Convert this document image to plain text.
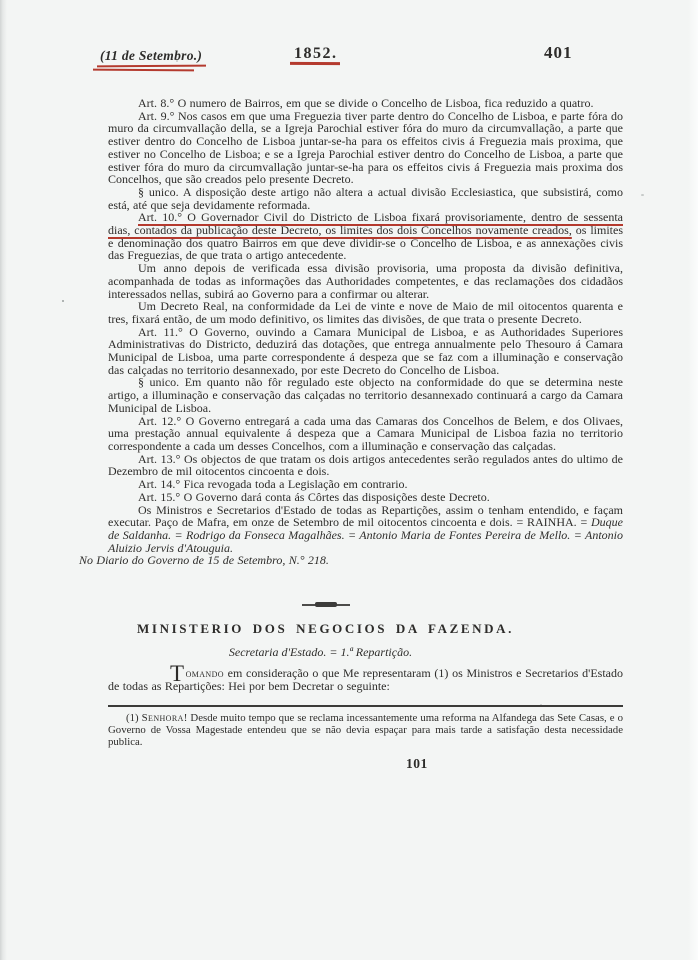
(11 de Setembro.)	1852.	401

Art. 8.° O numero de Bairros, em que se divide o Concelho de Lisboa, fica reduzido a quatro.

Art. 9.° Nos casos em que uma Freguezia tiver parte dentro do Concelho de Lisboa, e parte fóra do muro da circumvallação della, se a Igreja Parochial estiver fóra do muro da circumvallação, a parte que estiver dentro do Concelho de Lisboa juntar-se-ha para os effeitos civis á Freguezia mais proxima, que estiver no Concelho de Lisboa; e se a Igreja Parochial estiver dentro do Concelho de Lisboa, a parte que estiver fóra do muro da circumvallação juntar-se-ha para os effeitos civis á Freguezia mais proxima dos Concelhos, que são creados pelo presente Decreto.

§ unico. A disposição deste artigo não altera a actual divisão Ecclesiastica, que subsistirá, como está, até que seja devidamente reformada.

Art. 10.° O Governador Civil do Districto de Lisboa fixará provisoriamente, dentro de sessenta dias, contados da publicação deste Decreto, os limites dos dois Concelhos novamente creados, os limites e denominação dos quatro Bairros em que deve dividir-se o Concelho de Lisboa, e as annexações civis das Freguezias, de que trata o artigo antecedente.

Um anno depois de verificada essa divisão provisoria, uma proposta da divisão definitiva, acompanhada de todas as informações das Authoridades competentes, e das reclamações dos cidadãos interessados nellas, subirá ao Governo para a confirmar ou alterar.

Um Decreto Real, na conformidade da Lei de vinte e nove de Maio de mil oitocentos quarenta e tres, fixará então, de um modo definitivo, os limites das divisões, de que trata o presente Decreto.

Art. 11.° O Governo, ouvindo a Camara Municipal de Lisboa, e as Authoridades Superiores Administrativas do Districto, deduzirá das dotações, que entrega annualmente pelo Thesouro á Camara Municipal de Lisboa, uma parte correspondente á despeza que se faz com a illuminação e conservação das calçadas no territorio desannexado, por este Decreto do Concelho de Lisboa.

§ unico. Em quanto não fôr regulado este objecto na conformidade do que se determina neste artigo, a illuminação e conservação das calçadas no territorio desannexado continuará a cargo da Camara Municipal de Lisboa.

Art. 12.° O Governo entregará a cada uma das Camaras dos Concelhos de Belem, e dos Olivaes, uma prestação annual equivalente á despeza que a Camara Municipal de Lisboa fazia no territorio correspondente a cada um desses Concelhos, com a illuminação e conservação das calçadas.

Art. 13.° Os objectos de que tratam os dois artigos antecedentes serão regulados antes do ultimo de Dezembro de mil oitocentos cincoenta e dois.

Art. 14.° Fica revogada toda a Legislação em contrario.

Art. 15.° O Governo dará conta ás Côrtes das disposições deste Decreto.

Os Ministros e Secretarios d'Estado de todas as Repartições, assim o tenham entendido, e façam executar. Paço de Mafra, em onze de Setembro de mil oitocentos cincoenta e dois. = RAINHA. = Duque de Saldanha. = Rodrigo da Fonseca Magalhães. = Antonio Maria de Fontes Pereira de Mello. = Antonio Aluizio Jervis d'Atouguia.

No Diario do Governo de 15 de Setembro, N.° 218.

MINISTERIO DOS NEGOCIOS DA FAZENDA.
Secretaria d'Estado. = 1.ª Repartição.

Tomando em consideração o que Me representaram (1) os Ministros e Secretarios d'Estado de todas as Repartições: Hei por bem Decretar o seguinte:

(1) Senhora! Desde muito tempo que se reclama incessantemente uma reforma na Alfandega das Sete Casas, e o Governo de Vossa Magestade entendeu que se não devia espaçar para mais tarde a satisfação desta necessidade publica.

101
